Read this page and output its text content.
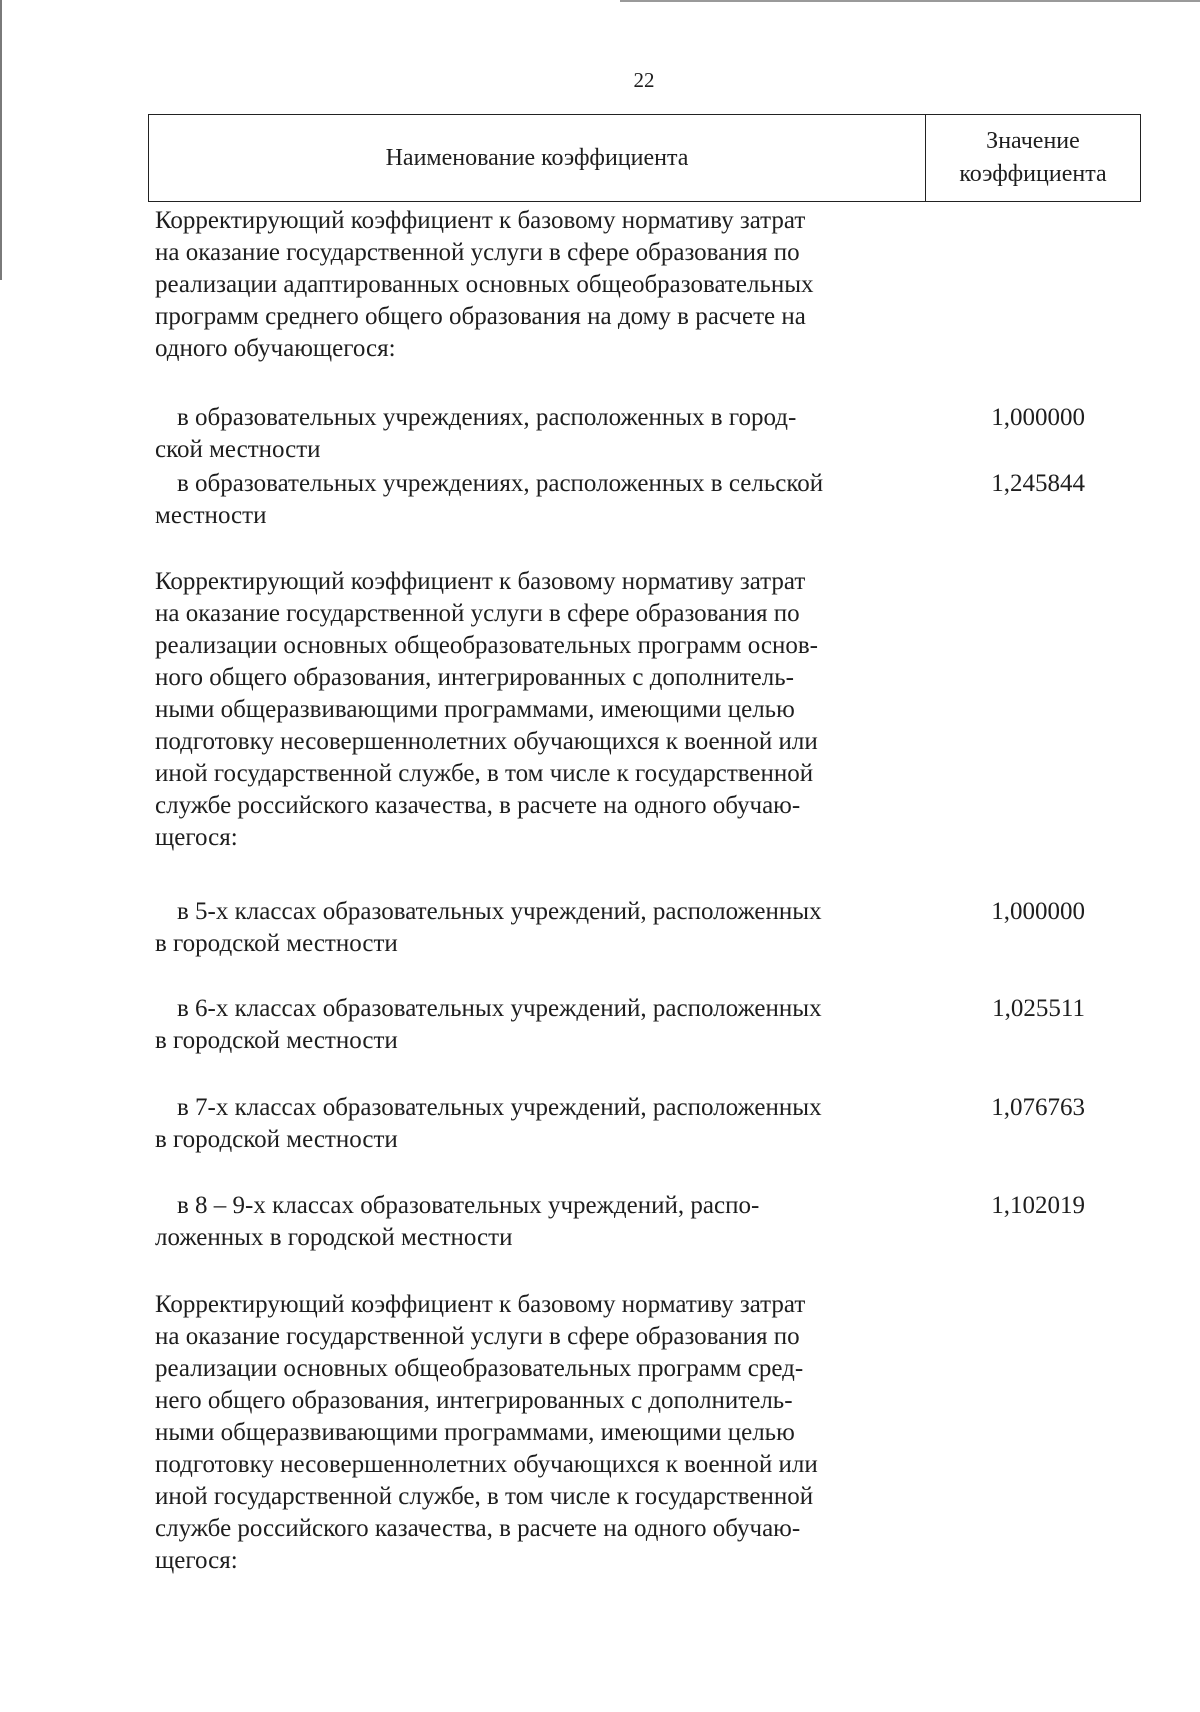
22
Наименование коэффициента
Значение
коэффициента
Корректирующий коэффициент к базовому нормативу затрат
на оказание государственной услуги в сфере образования по
реализации адаптированных основных общеобразовательных
программ среднего общего образования на дому в расчете на
одного обучающегося:
в образовательных учреждениях, расположенных в город-
ской местности
1,000000
в образовательных учреждениях, расположенных в сельской
местности
1,245844
Корректирующий коэффициент к базовому нормативу затрат
на оказание государственной услуги в сфере образования по
реализации основных общеобразовательных программ основ-
ного общего образования, интегрированных с дополнитель-
ными общеразвивающими программами, имеющими целью
подготовку несовершеннолетних обучающихся к военной или
иной государственной службе, в том числе к государственной
службе российского казачества, в расчете на одного обучаю-
щегося:
в 5-х классах образовательных учреждений, расположенных
в городской местности
1,000000
в 6-х классах образовательных учреждений, расположенных
в городской местности
1,025511
в 7-х классах образовательных учреждений, расположенных
в городской местности
1,076763
в 8 – 9-х классах образовательных учреждений, распо-
ложенных в городской местности
1,102019
Корректирующий коэффициент к базовому нормативу затрат
на оказание государственной услуги в сфере образования по
реализации основных общеобразовательных программ сред-
него общего образования, интегрированных с дополнитель-
ными общеразвивающими программами, имеющими целью
подготовку несовершеннолетних обучающихся к военной или
иной государственной службе, в том числе к государственной
службе российского казачества, в расчете на одного обучаю-
щегося:
